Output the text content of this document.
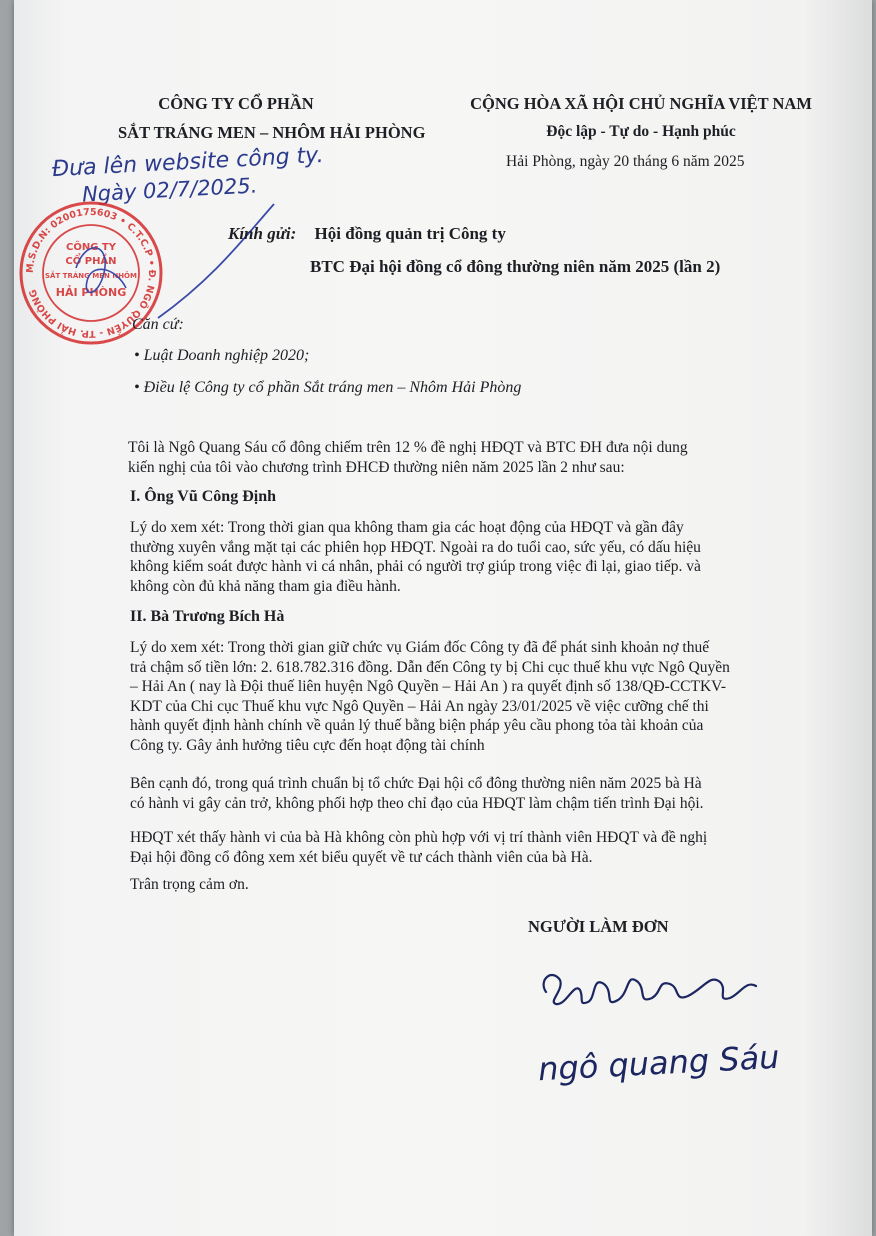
CÔNG TY CỔ PHẦN
SẮT TRÁNG MEN – NHÔM HẢI PHÒNG
CỘNG HÒA XÃ HỘI CHỦ NGHĨA VIỆT NAM
Độc lập - Tự do - Hạnh phúc
Hải Phòng, ngày 20 tháng 6 năm 2025
Đưa lên website công ty.
Ngày 02/7/2025.
M.S.D.N: 0200175603 • C.T.C.P • Đ. NGÔ QUYỀN - TP. HẢI PHÒNG
CÔNG TY
CỔ PHẦN
SẮT TRÁNG MEN NHÔM
HẢI PHÒNG
Kính gửi: Hội đồng quản trị Công ty
BTC Đại hội đồng cổ đông thường niên năm 2025 (lần 2)
Căn cứ:
• Luật Doanh nghiệp 2020;
• Điều lệ Công ty cổ phần Sắt tráng men – Nhôm Hải Phòng
Tôi là Ngô Quang Sáu cổ đông chiếm trên 12 % đề nghị HĐQT và BTC ĐH đưa nội dung
kiến nghị của tôi vào chương trình ĐHCĐ thường niên năm 2025 lần 2 như sau:
I. Ông Vũ Công Định
Lý do xem xét: Trong thời gian qua không tham gia các hoạt động của HĐQT và gần đây
thường xuyên vắng mặt tại các phiên họp HĐQT. Ngoài ra do tuổi cao, sức yếu, có dấu hiệu
không kiểm soát được hành vi cá nhân, phải có người trợ giúp trong việc đi lại, giao tiếp. và
không còn đủ khả năng tham gia điều hành.
II. Bà Trương Bích Hà
Lý do xem xét: Trong thời gian giữ chức vụ Giám đốc Công ty đã để phát sinh khoản nợ thuế
trả chậm số tiền lớn: 2. 618.782.316 đồng. Dẫn đến Công ty bị Chi cục thuế khu vực Ngô Quyền
– Hải An ( nay là Đội thuế liên huyện Ngô Quyền – Hải An ) ra quyết định số 138/QĐ-CCTKV-
KDT của Chi cục Thuế khu vực Ngô Quyền – Hải An ngày 23/01/2025 về việc cưỡng chế thi
hành quyết định hành chính về quản lý thuế bằng biện pháp yêu cầu phong tỏa tài khoản của
Công ty. Gây ảnh hưởng tiêu cực đến hoạt động tài chính
Bên cạnh đó, trong quá trình chuẩn bị tổ chức Đại hội cổ đông thường niên năm 2025 bà Hà
có hành vi gây cản trở, không phối hợp theo chỉ đạo của HĐQT làm chậm tiến trình Đại hội.
HĐQT xét thấy hành vi của bà Hà không còn phù hợp với vị trí thành viên HĐQT và đề nghị
Đại hội đồng cổ đông xem xét biểu quyết về tư cách thành viên của bà Hà.
Trân trọng cảm ơn.
NGƯỜI LÀM ĐƠN
ngô quang Sáu
